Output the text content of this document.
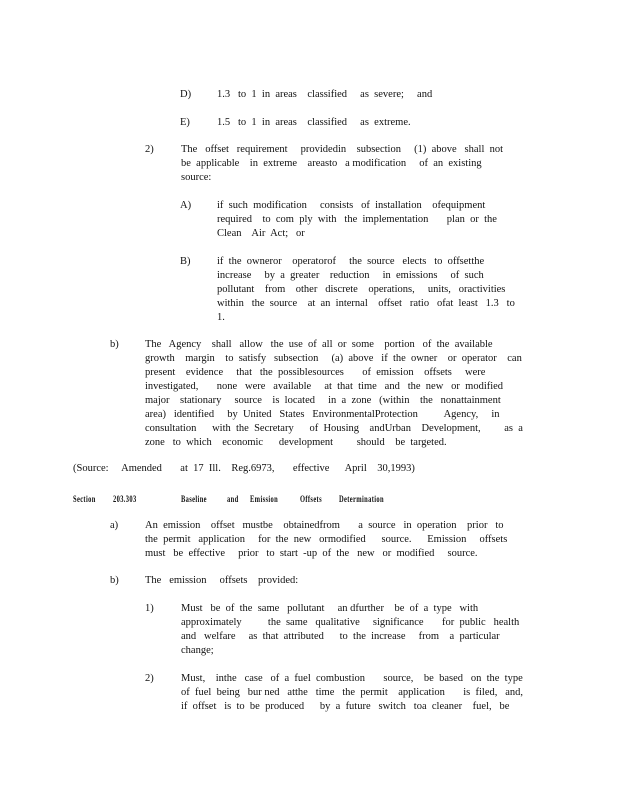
D) 1.3   to  1  in  areas    classified     as  severe;     and
E)	1.5   to  1  in  areas    classified     as  extreme.
2)	The   offset   requirement     providedin    subsection     (1)  above   shall  not
be  applicable    in  extreme    areasto   a modification     of  an  existing
source:
A) if  such  modification     consists   of  installation    ofequipment
required    to  com  ply  with   the  implementation       plan  or  the
Clean    Air  Act;   or
B)	if  the  owneror    operatorof     the  source   elects   to  offsetthe
increase     by  a  greater    reduction     in  emissions     of  such
pollutant    from    other   discrete    operations,     units,   oractivities
within   the  source    at  an  internal    offset   ratio   ofat  least   1.3   to
1.
b)	The   Agency    shall   allow   the  use  of  all  or  some    portion   of  the  available
growth    margin    to  satisfy   subsection     (a)  above   if  the  owner    or  operator    can
present    evidence     that   the  possiblesources       of  emission    offsets     were
investigated,       none   were   available     at  that  time   and   the  new   or  modified
major    stationary     source    is  located     in  a  zone   (within    the   nonattainment
area)   identified     by  United   States   EnvironmentalProtection          Agency,     in
consultation      with  the  Secretary      of  Housing    andUrban    Development,         as  a
zone   to  which    economic      development         should    be  targeted.
(Source:     Amended       at  17  Ill.    Reg.6973,       effective      April    30,1993)
Section 203.303	Baseline and Emission Offsets Determination
a)	An  emission    offset   mustbe    obtainedfrom       a  source   in  operation    prior   to
the  permit   application     for  the  new   ormodified      source.      Emission     offsets
must   be  effective     prior   to  start  -up  of  the   new   or  modified     source.
b)	The   emission     offsets    provided:
1)	Must   be  of  the  same   pollutant     an dfurther    be  of  a  type   with
approximately          the  same   qualitative     significance       for  public   health
and   welfare     as  that  attributed      to  the  increase     from    a  particular
change;
2)	Must,    inthe   case   of  a  fuel  combustion       source,    be  based   on  the  type
of  fuel  being   bur ned   atthe   time   the  permit    application       is  filed,   and,
if  offset   is  to  be  produced      by  a  future   switch   toa  cleaner    fuel,   be
